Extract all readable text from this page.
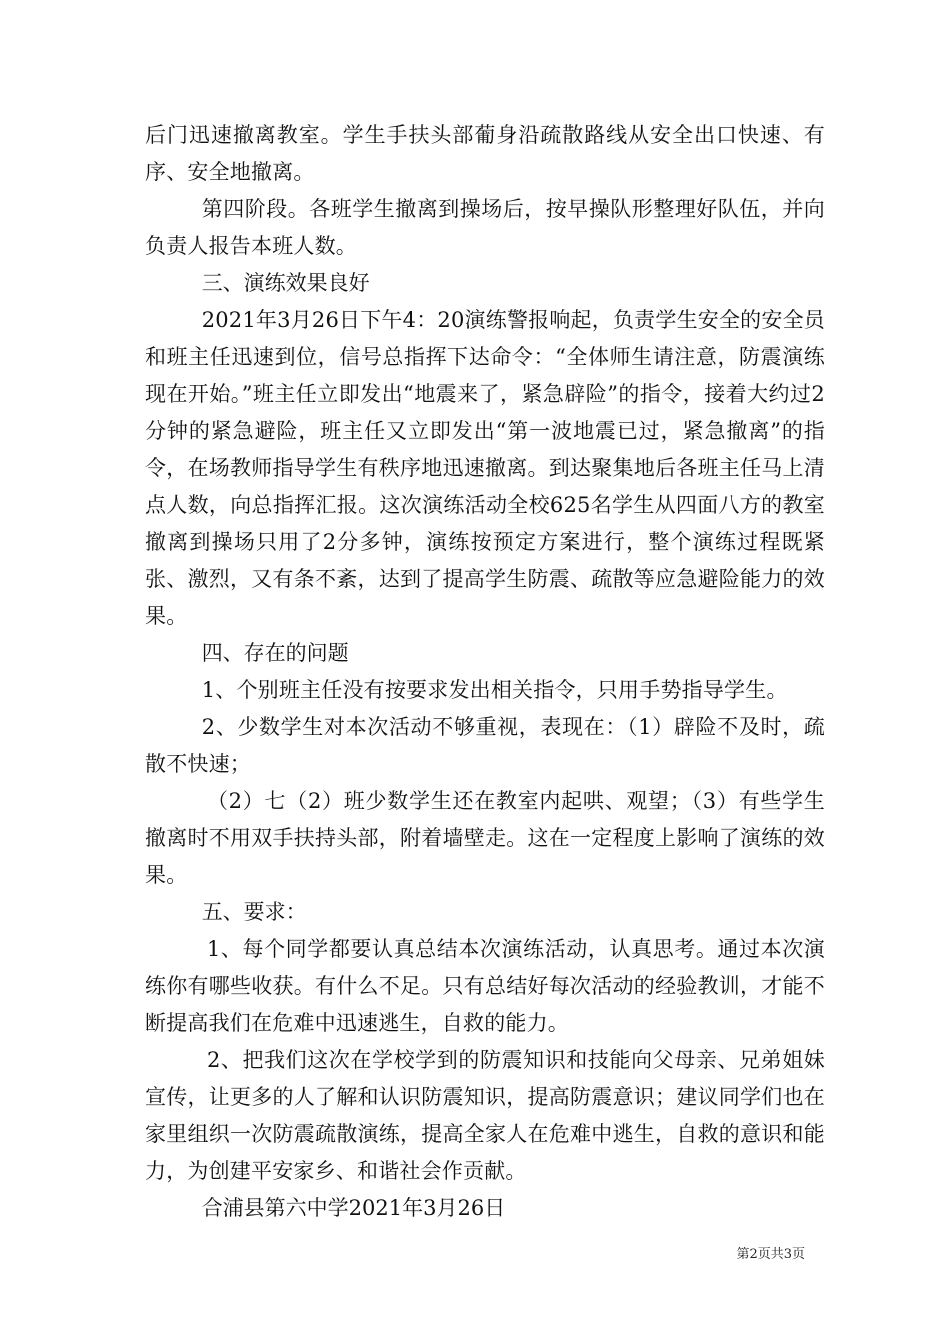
后门迅速撤离教室。学生手扶头部葡身沿疏散路线从安全出口快速、有序、安全地撤离。

第四阶段。各班学生撤离到操场后，按早操队形整理好队伍，并向负责人报告本班人数。

三、演练效果良好

2021年3月26日下午4：20演练警报响起，负责学生安全的安全员和班主任迅速到位，信号总指挥下达命令：“全体师生请注意，防震演练现在开始。”班主任立即发出“地震来了，紧急辟险”的指令，接着大约过2分钟的紧急避险，班主任又立即发出“第一波地震已过，紧急撤离”的指令，在场教师指导学生有秩序地迅速撤离。到达聚集地后各班主任马上清点人数，向总指挥汇报。这次演练活动全校625名学生从四面八方的教室撤离到操场只用了2分多钟，演练按预定方案进行，整个演练过程既紧张、激烈，又有条不紊，达到了提高学生防震、疏散等应急避险能力的效果。

四、存在的问题

1、个别班主任没有按要求发出相关指令，只用手势指导学生。

2、少数学生对本次活动不够重视，表现在：（1）辟险不及时，疏散不快速；

（2）七（2）班少数学生还在教室内起哄、观望；（3）有些学生撤离时不用双手扶持头部，附着墙壁走。这在一定程度上影响了演练的效果。

五、要求：

1、每个同学都要认真总结本次演练活动，认真思考。通过本次演练你有哪些收获。有什么不足。只有总结好每次活动的经验教训，才能不断提高我们在危难中迅速逃生，自救的能力。

2、把我们这次在学校学到的防震知识和技能向父母亲、兄弟姐妹宣传，让更多的人了解和认识防震知识，提高防震意识；建议同学们也在家里组织一次防震疏散演练，提高全家人在危难中逃生，自救的意识和能力，为创建平安家乡、和谐社会作贡献。

合浦县第六中学2021年3月26日

第2页共3页
